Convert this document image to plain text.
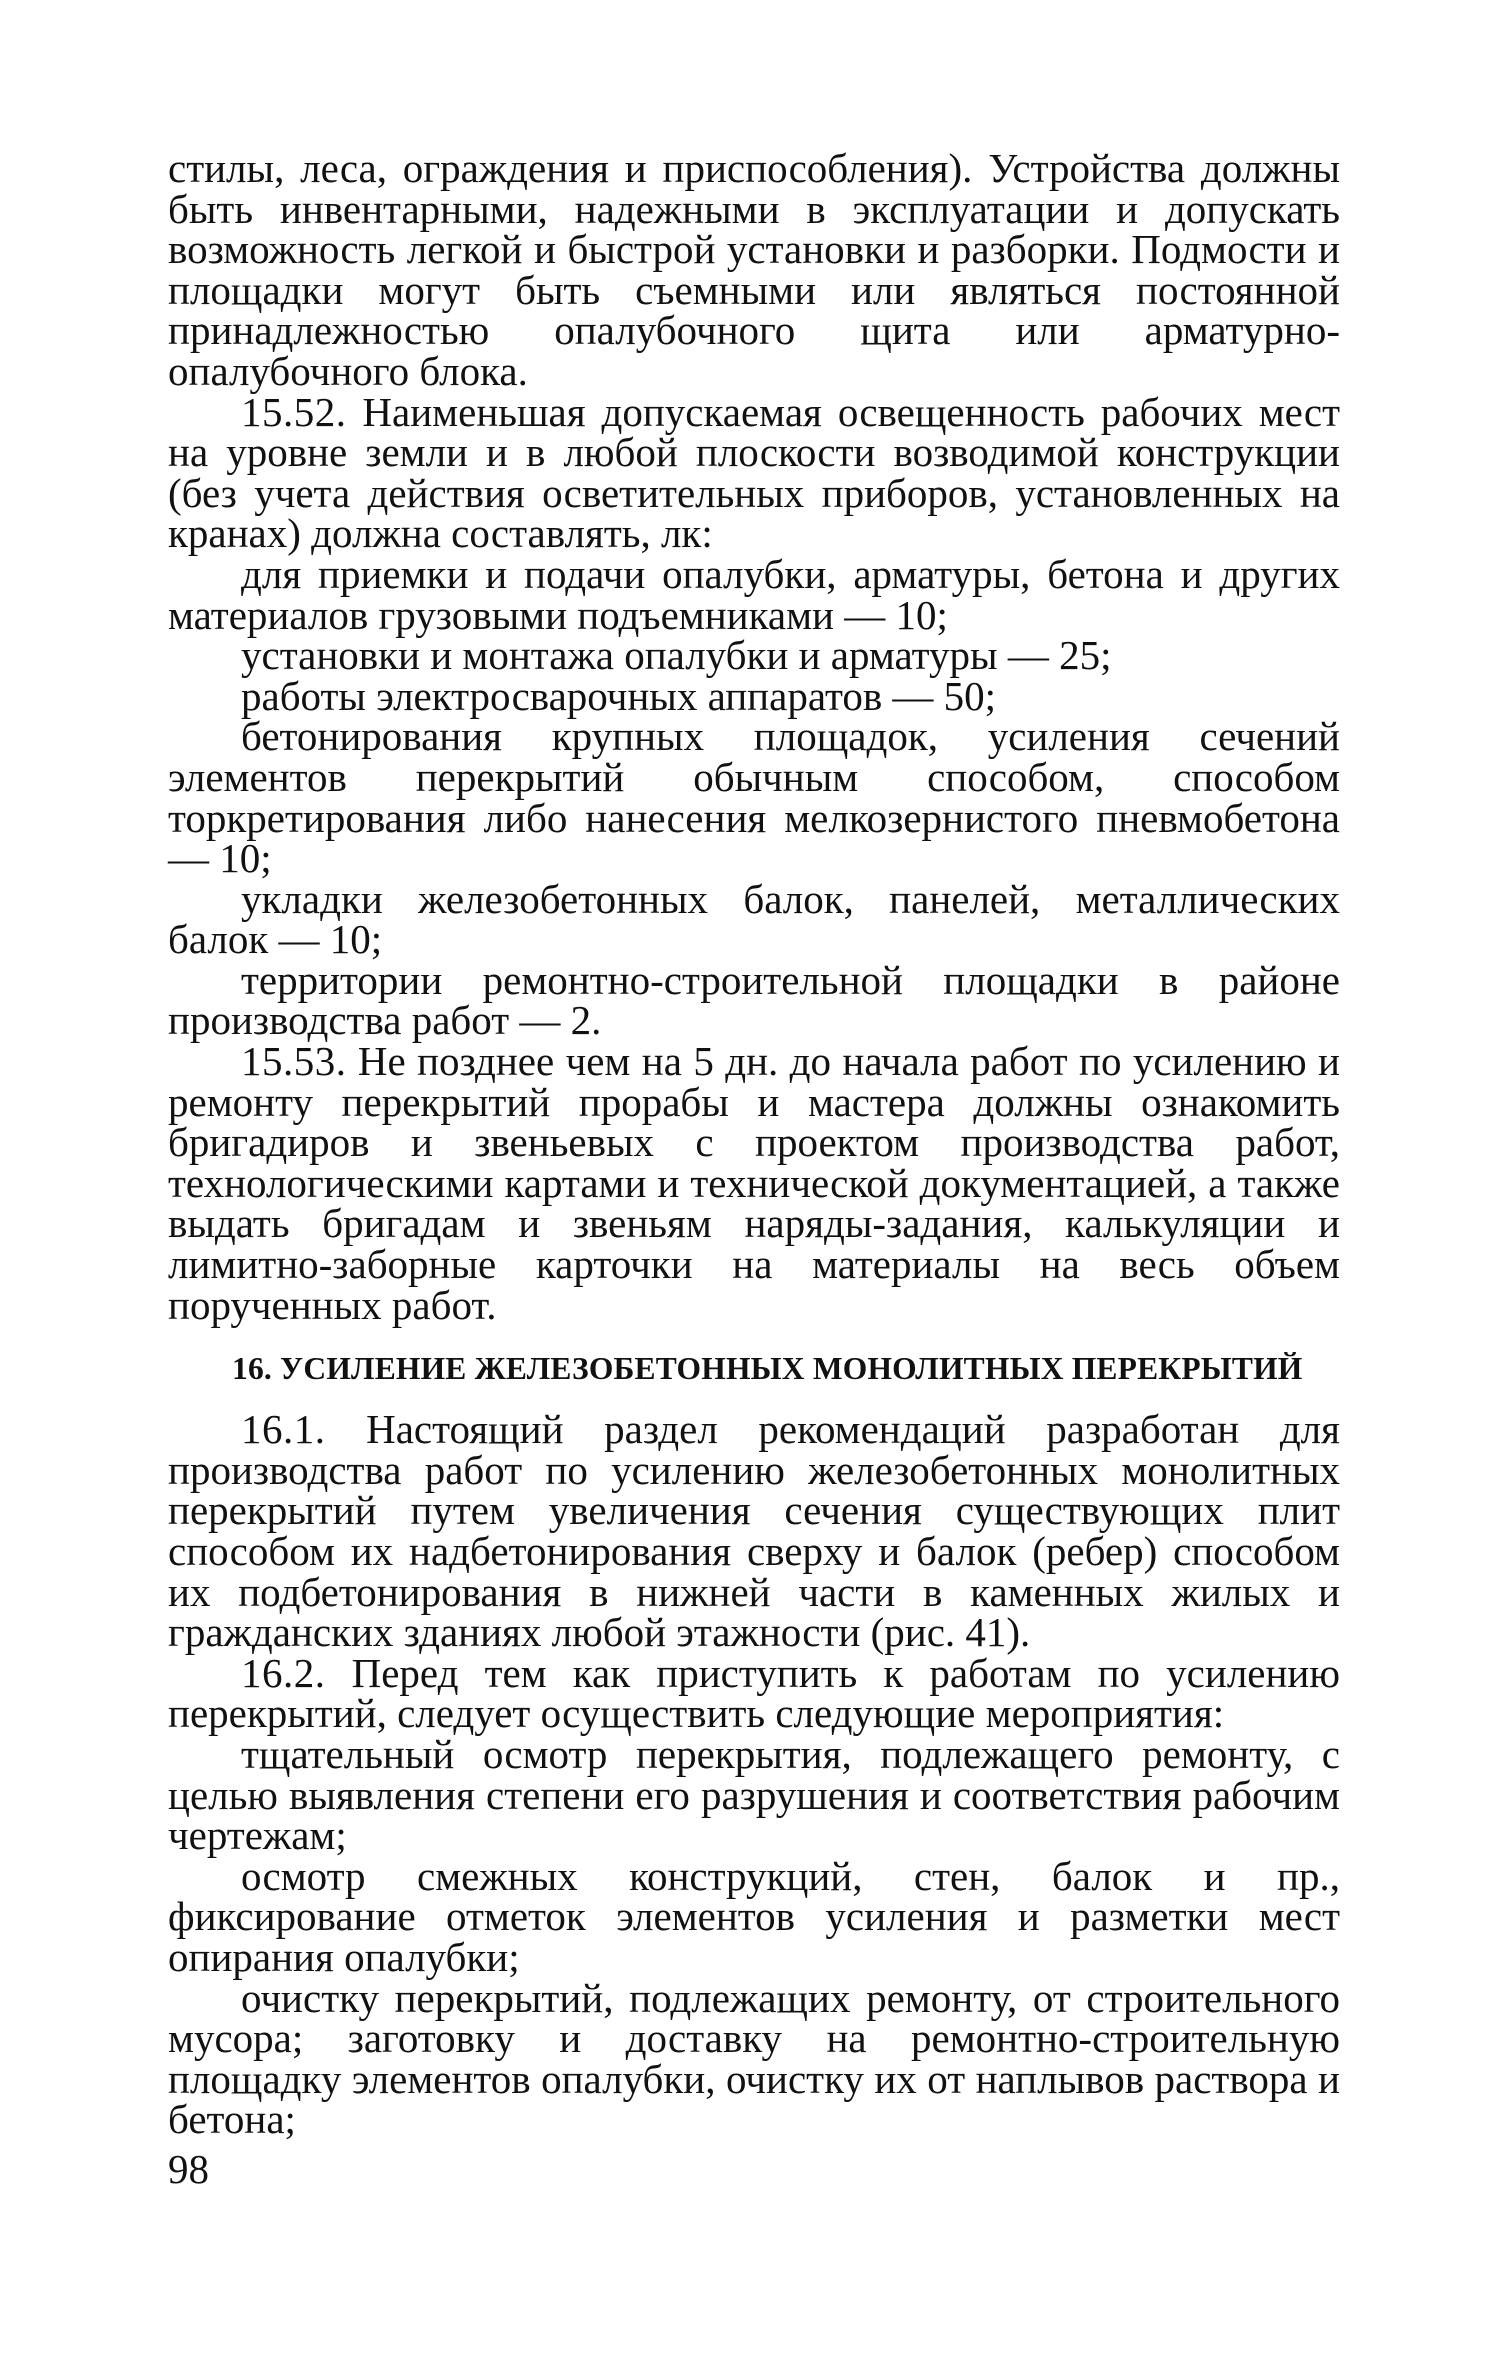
стилы, леса, ограждения и приспособления). Устройства должны быть инвентарными, надежными в эксплуатации и допускать возможность легкой и быстрой установки и разборки. Подмости и площадки могут быть съемными или являться постоянной принадлежностью опалубочного щита или арматурно-опалубочного блока.

15.52. Наименьшая допускаемая освещенность рабочих мест на уровне земли и в любой плоскости возводимой конструкции (без учета действия осветительных приборов, установленных на кранах) должна составлять, лк:

для приемки и подачи опалубки, арматуры, бетона и других материалов грузовыми подъемниками — 10;

установки и монтажа опалубки и арматуры — 25;

работы электросварочных аппаратов — 50;

бетонирования крупных площадок, усиления сечений элементов перекрытий обычным способом, способом торкретирования либо нанесения мелкозернистого пневмобетона — 10;

укладки железобетонных балок, панелей, металлических балок — 10;

территории ремонтно-строительной площадки в районе производства работ — 2.

15.53. Не позднее чем на 5 дн. до начала работ по усилению и ремонту перекрытий прорабы и мастера должны ознакомить бригадиров и звеньевых с проектом производства работ, технологическими картами и технической документацией, а также выдать бригадам и звеньям наряды-задания, калькуляции и лимитно-заборные карточки на материалы на весь объем порученных работ.

16. УСИЛЕНИЕ ЖЕЛЕЗОБЕТОННЫХ МОНОЛИТНЫХ ПЕРЕКРЫТИЙ

16.1. Настоящий раздел рекомендаций разработан для производства работ по усилению железобетонных монолитных перекрытий путем увеличения сечения существующих плит способом их надбетонирования сверху и балок (ребер) способом их подбетонирования в нижней части в каменных жилых и гражданских зданиях любой этажности (рис. 41).

16.2. Перед тем как приступить к работам по усилению перекрытий, следует осуществить следующие мероприятия:

тщательный осмотр перекрытия, подлежащего ремонту, с целью выявления степени его разрушения и соответствия рабочим чертежам;

осмотр смежных конструкций, стен, балок и пр., фиксирование отметок элементов усиления и разметки мест опирания опалубки;

очистку перекрытий, подлежащих ремонту, от строительного мусора; заготовку и доставку на ремонтно-строительную площадку элементов опалубки, очистку их от наплывов раствора и бетона;

98
